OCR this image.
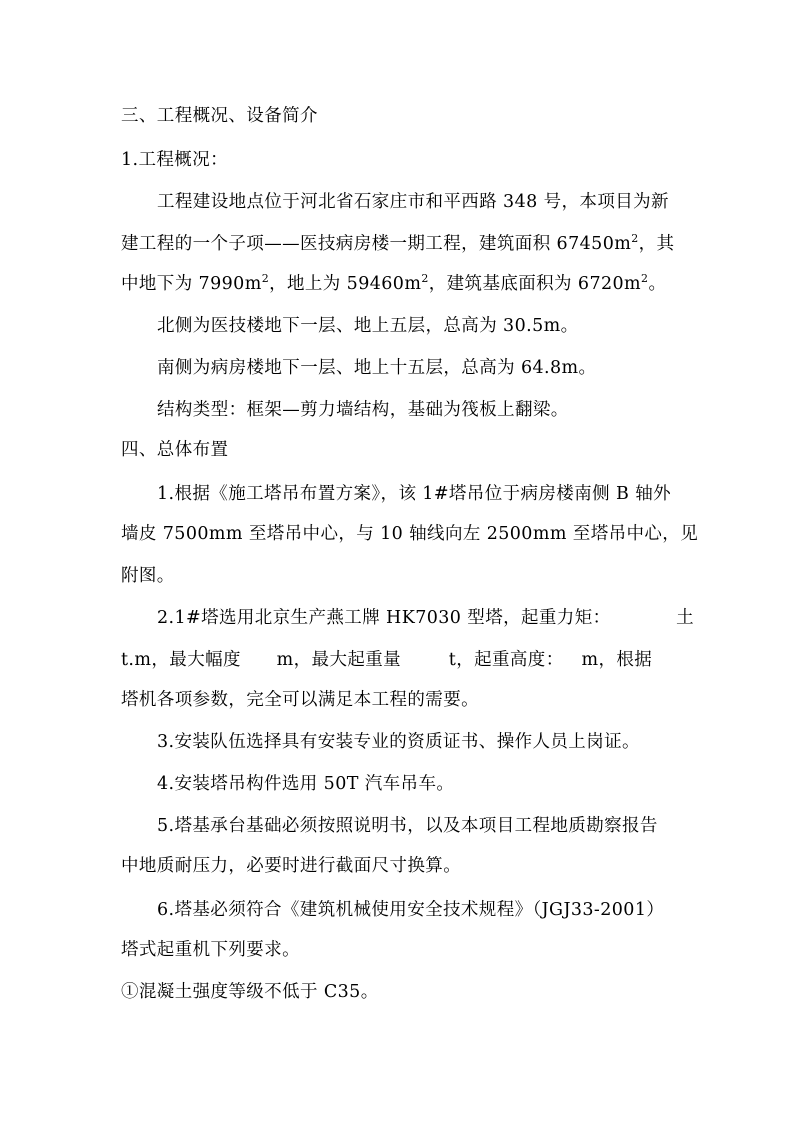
三、工程概况、设备简介
1.工程概况：
工程建设地点位于河北省石家庄市和平西路 348 号，本项目为新
建工程的一个子项——医技病房楼一期工程，建筑面积 $67450m^2$，其
中地下为 $7990m^2$，地上为 $59460m^2$，建筑基底面积为 $6720m^2$。
北侧为医技楼地下一层、地上五层，总高为 30.5m。
南侧为病房楼地下一层、地上十五层，总高为 64.8m。
结构类型：框架—剪力墙结构，基础为筏板上翻梁。
四、总体布置
1.根据《施工塔吊布置方案》，该 1#塔吊位于病房楼南侧 B 轴外
墙皮 7500mm 至塔吊中心，与 10 轴线向左 2500mm 至塔吊中心，见
附图。
2.1#塔选用北京生产燕工牌 HK7030 型塔，起重力矩：           土
t.m，最大幅度      m，最大起重量        t，起重高度：   m，根据
塔机各项参数，完全可以满足本工程的需要。
3.安装队伍选择具有安装专业的资质证书、操作人员上岗证。
4.安装塔吊构件选用 50T 汽车吊车。
5.塔基承台基础必须按照说明书，以及本项目工程地质勘察报告
中地质耐压力，必要时进行截面尺寸换算。
6.塔基必须符合《建筑机械使用安全技术规程》（JGJ33-2001）
塔式起重机下列要求。
①混凝土强度等级不低于 C35。
